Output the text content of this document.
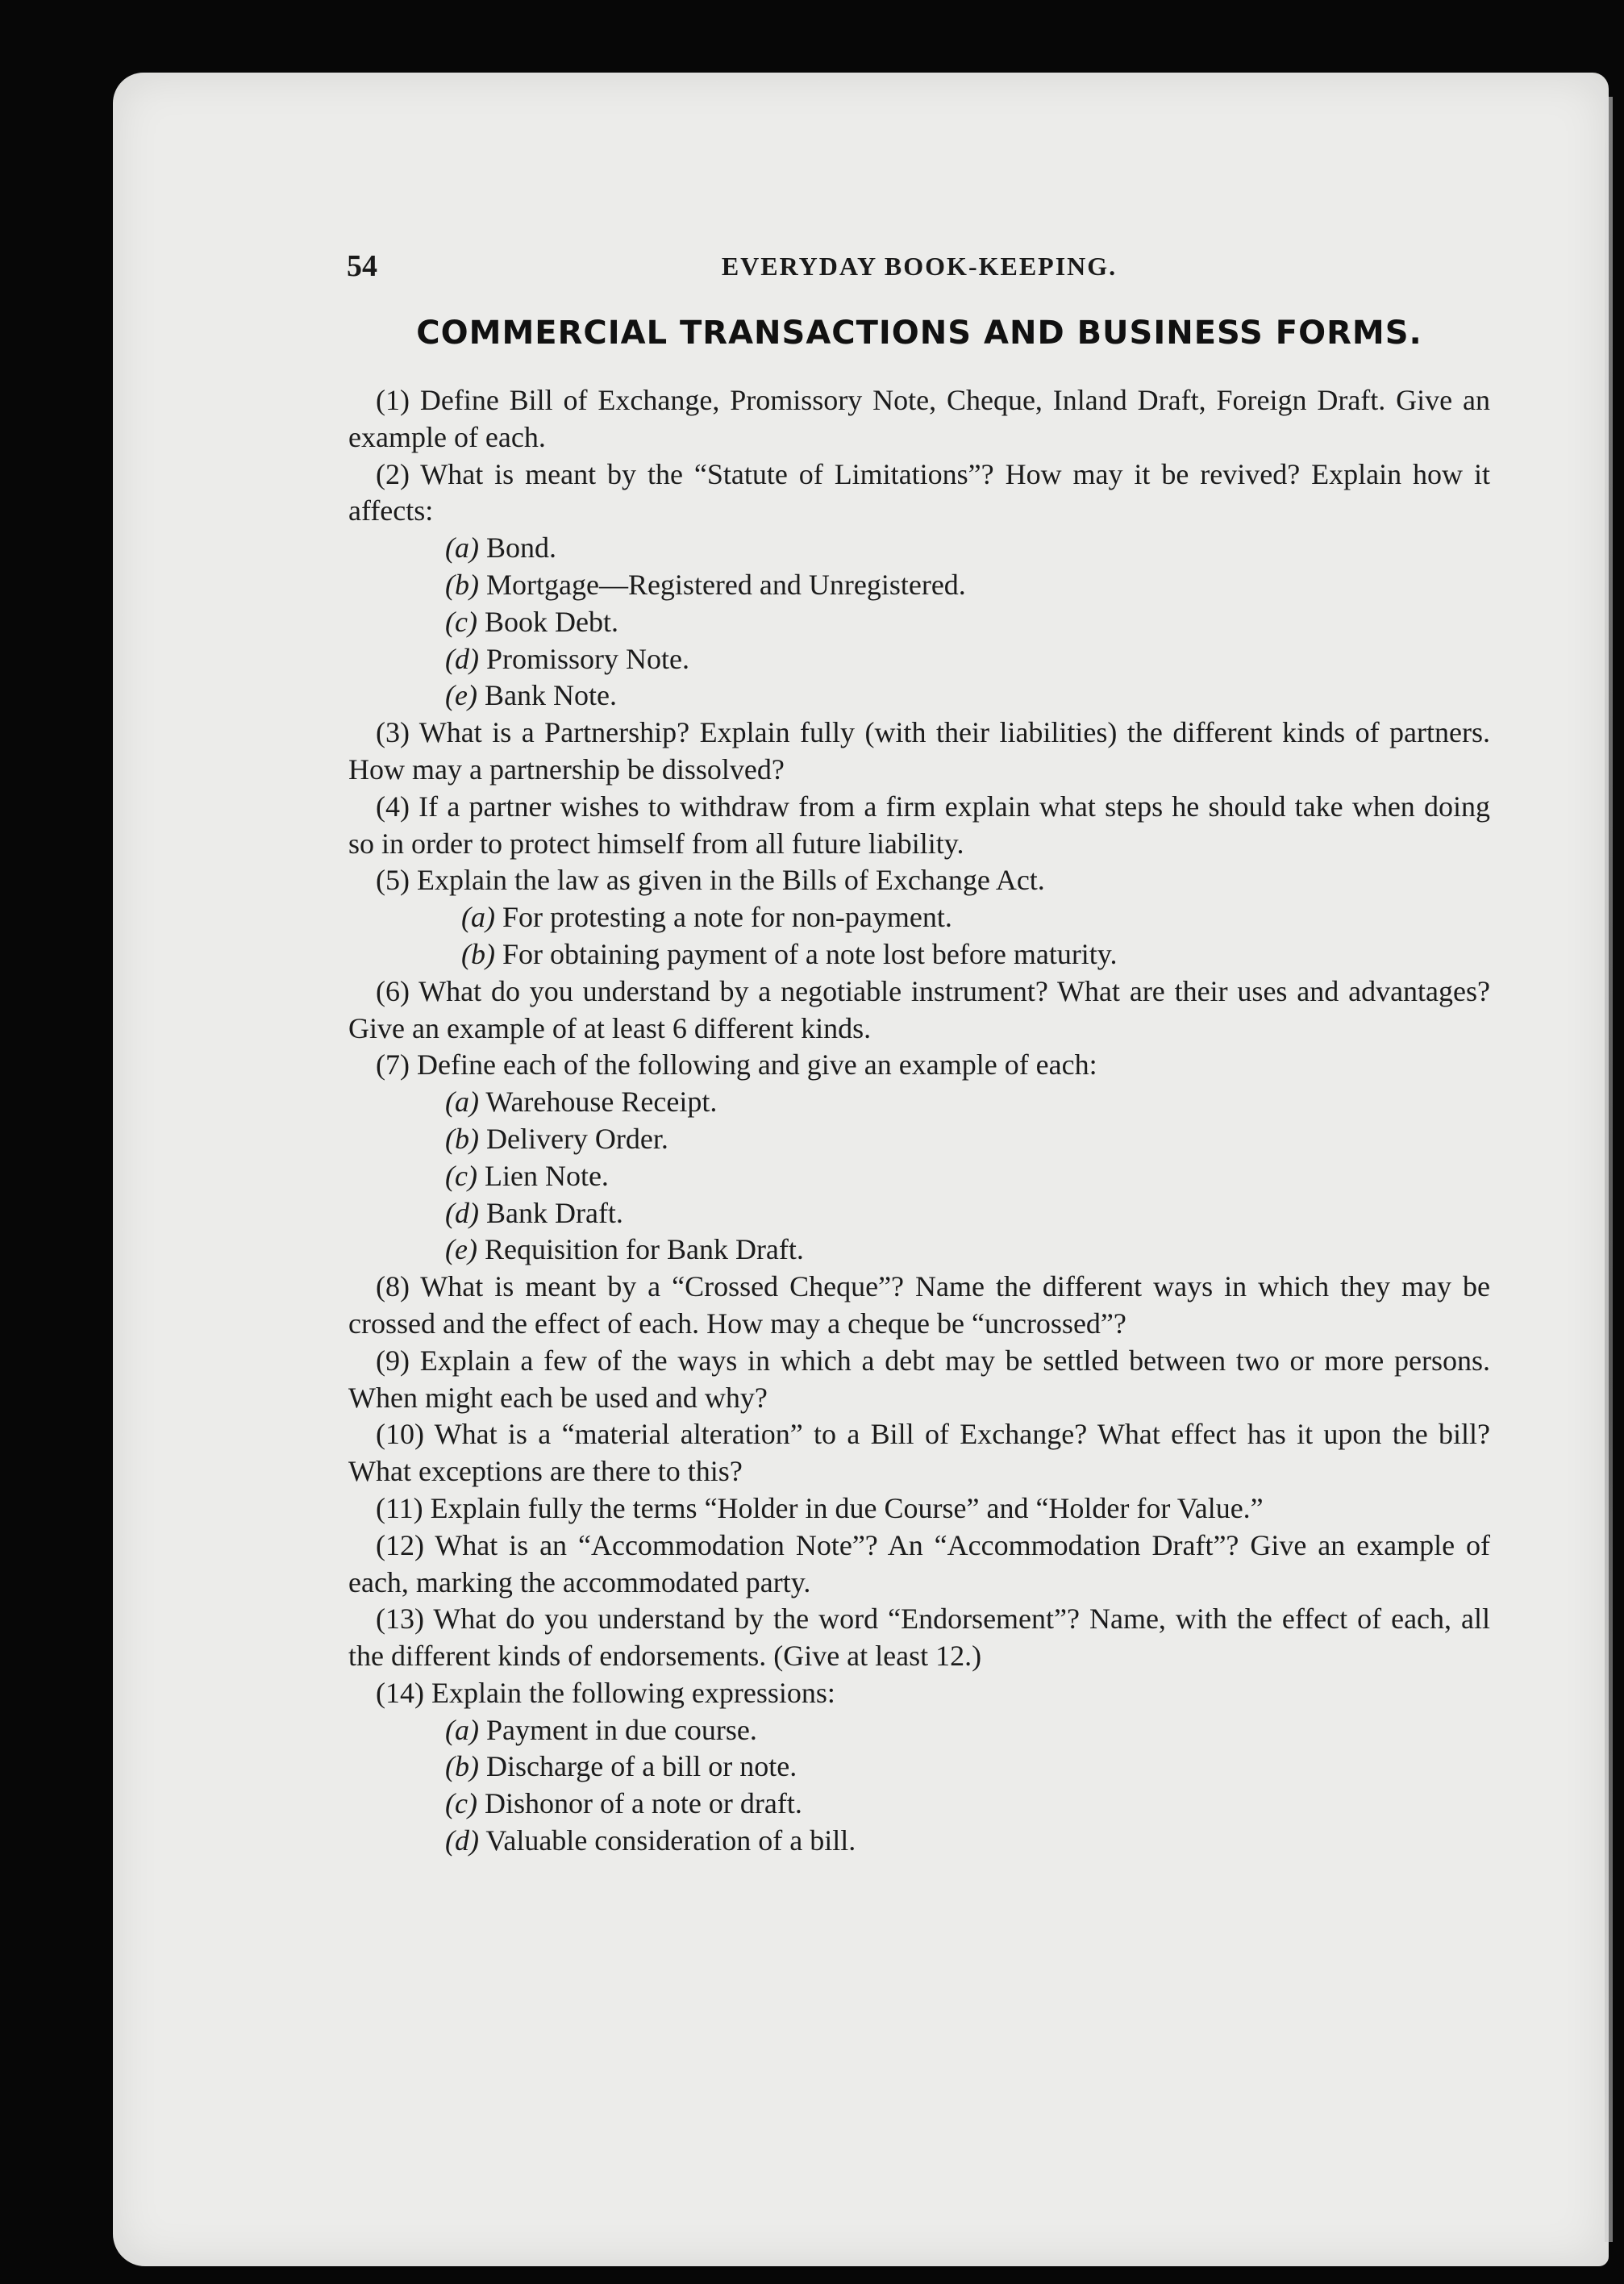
54	EVERYDAY BOOK-KEEPING.
COMMERCIAL TRANSACTIONS AND BUSINESS FORMS.

(1) Define Bill of Exchange, Promissory Note, Cheque, Inland Draft, Foreign Draft. Give an example of each.

(2) What is meant by the “Statute of Limitations”? How may it be revived? Explain how it affects:

(a) Bond.

(b) Mortgage—Registered and Unregistered.

(c) Book Debt.

(d) Promissory Note.

(e) Bank Note.

(3) What is a Partnership? Explain fully (with their liabilities) the different kinds of partners. How may a partnership be dissolved?

(4) If a partner wishes to withdraw from a firm explain what steps he should take when doing so in order to protect himself from all future liability.

(5) Explain the law as given in the Bills of Exchange Act.

(a) For protesting a note for non-payment.

(b) For obtaining payment of a note lost before maturity.

(6) What do you understand by a negotiable instrument? What are their uses and advantages? Give an example of at least 6 different kinds.

(7) Define each of the following and give an example of each:

(a) Warehouse Receipt.

(b) Delivery Order.

(c) Lien Note.

(d) Bank Draft.

(e) Requisition for Bank Draft.

(8) What is meant by a “Crossed Cheque”? Name the different ways in which they may be crossed and the effect of each. How may a cheque be “uncrossed”?

(9) Explain a few of the ways in which a debt may be settled between two or more persons. When might each be used and why?

(10) What is a “material alteration” to a Bill of Exchange? What effect has it upon the bill? What exceptions are there to this?

(11) Explain fully the terms “Holder in due Course” and “Holder for Value.”

(12) What is an “Accommodation Note”? An “Accommodation Draft”? Give an example of each, marking the accommodated party.

(13) What do you understand by the word “Endorsement”? Name, with the effect of each, all the different kinds of endorsements. (Give at least 12.)

(14) Explain the following expressions:

(a) Payment in due course.

(b) Discharge of a bill or note.

(c) Dishonor of a note or draft.

(d) Valuable consideration of a bill.
